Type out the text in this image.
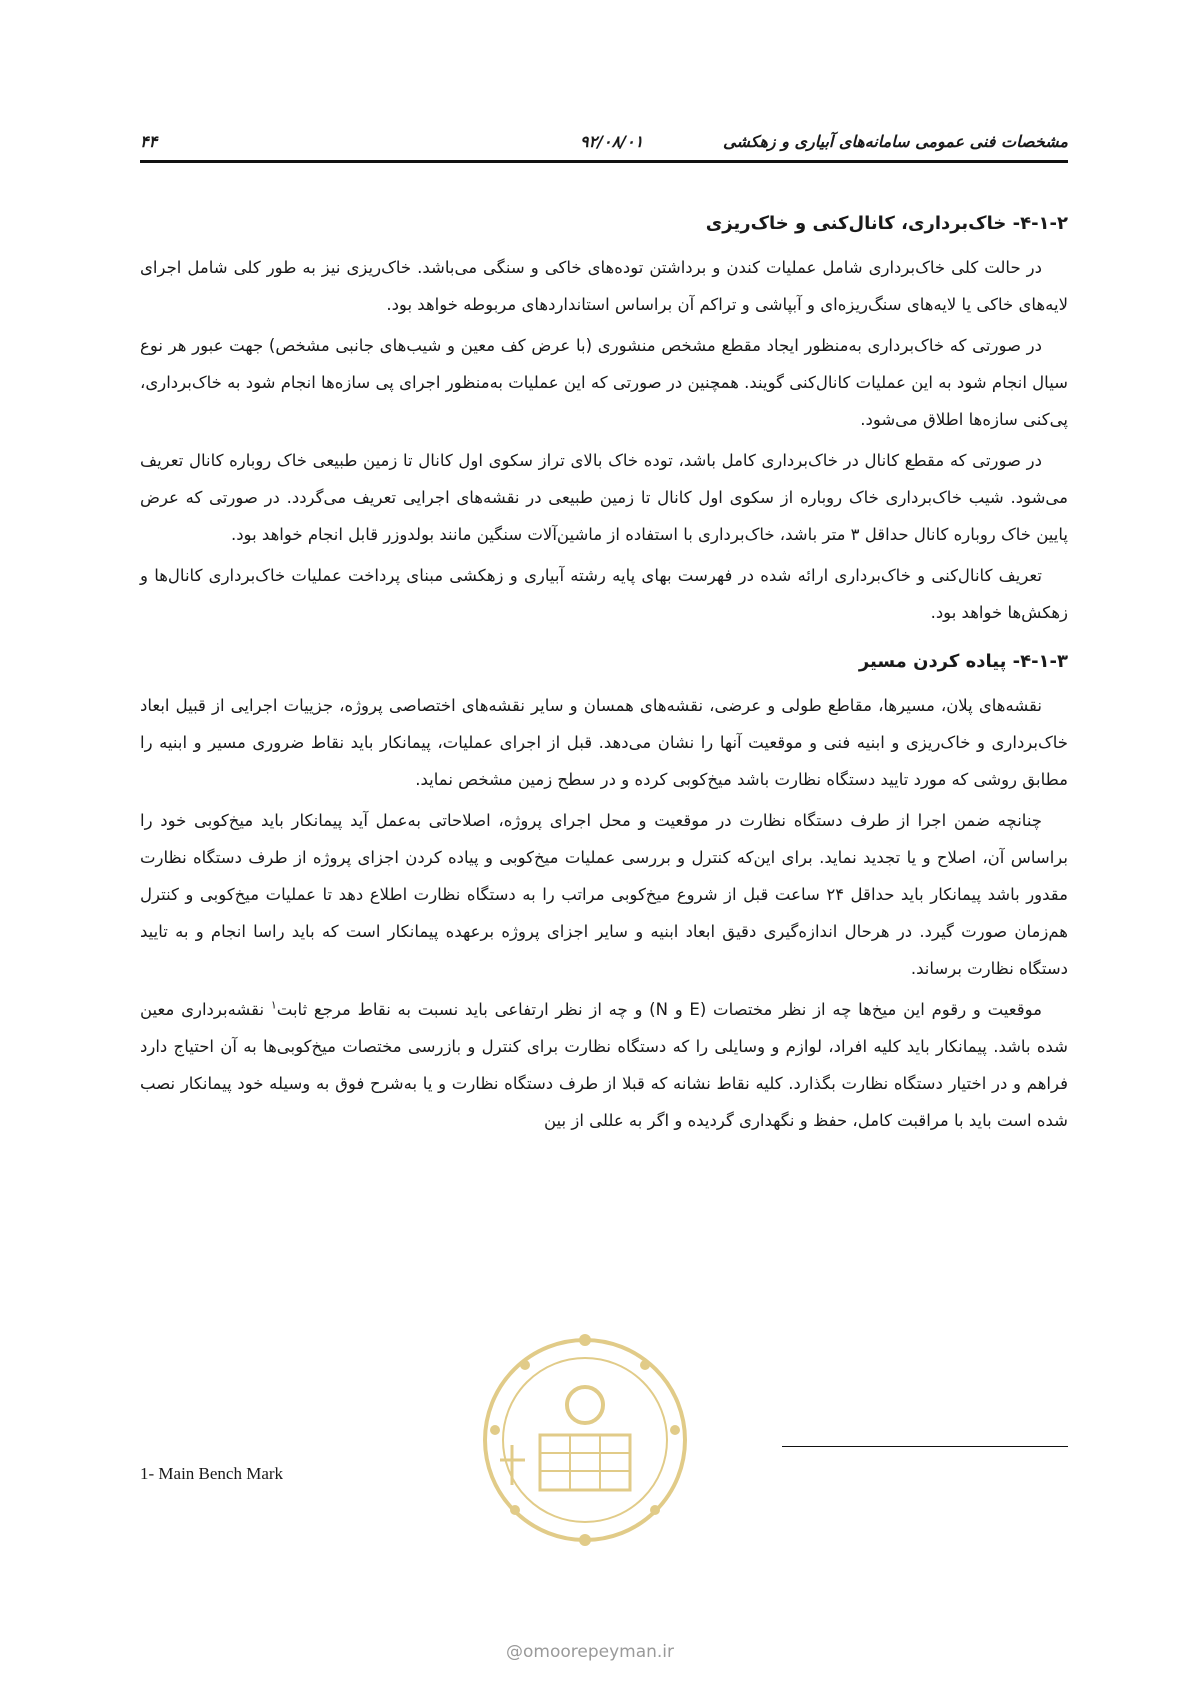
مشخصات فنی عمومی سامانه‌های آبیاری و زهکشی
۹۲/۰۸/۰۱
۴۴
۴-۱-۲- خاک‌برداری، کانال‌کنی و خاک‌ریزی

در حالت کلی خاک‌برداری شامل عملیات کندن و برداشتن توده‌های خاکی و سنگی می‌باشد. خاک‌ریزی نیز به طور کلی شامل اجرای لایه‌های خاکی یا لایه‌های سنگ‌ریزه‌ای و آبپاشی و تراکم آن براساس استانداردهای مربوطه خواهد بود.

در صورتی که خاک‌برداری به‌منظور ایجاد مقطع مشخص منشوری (با عرض کف معین و شیب‌های جانبی مشخص) جهت عبور هر نوع سیال انجام شود به این عملیات کانال‌کنی گویند. همچنین در صورتی که این عملیات به‌منظور اجرای پی سازه‌ها انجام شود به خاک‌برداری، پی‌کنی سازه‌ها اطلاق می‌شود.

در صورتی که مقطع کانال در خاک‌برداری کامل باشد، توده خاک بالای تراز سکوی اول کانال تا زمین طبیعی خاک روباره کانال تعریف می‌شود. شیب خاک‌برداری خاک روباره از سکوی اول کانال تا زمین طبیعی در نقشه‌های اجرایی تعریف می‌گردد. در صورتی که عرض پایین خاک روباره کانال حداقل ۳ متر باشد، خاک‌برداری با استفاده از ماشین‌آلات سنگین مانند بولدوزر قابل انجام خواهد بود.

تعریف کانال‌کنی و خاک‌برداری ارائه شده در فهرست بهای پایه رشته آبیاری و زهکشی مبنای پرداخت عملیات خاک‌برداری کانال‌ها و زهکش‌ها خواهد بود.

۴-۱-۳- پیاده کردن مسیر

نقشه‌های پلان، مسیرها، مقاطع طولی و عرضی، نقشه‌های همسان و سایر نقشه‌های اختصاصی پروژه، جزییات اجرایی از قبیل ابعاد خاک‌برداری و خاک‌ریزی و ابنیه فنی و موقعیت آنها را نشان می‌دهد. قبل از اجرای عملیات، پیمانکار باید نقاط ضروری مسیر و ابنیه را مطابق روشی که مورد تایید دستگاه نظارت باشد میخ‌کوبی کرده و در سطح زمین مشخص نماید.

چنانچه ضمن اجرا از طرف دستگاه نظارت در موقعیت و محل اجرای پروژه، اصلاحاتی به‌عمل آید پیمانکار باید میخ‌کوبی خود را براساس آن، اصلاح و یا تجدید نماید. برای این‌که کنترل و بررسی عملیات میخ‌کوبی و پیاده کردن اجزای پروژه از طرف دستگاه نظارت مقدور باشد پیمانکار باید حداقل ۲۴ ساعت قبل از شروع میخ‌کوبی مراتب را به دستگاه نظارت اطلاع دهد تا عملیات میخ‌کوبی و کنترل هم‌زمان صورت گیرد. در هرحال اندازه‌گیری دقیق ابعاد ابنیه و سایر اجزای پروژه برعهده پیمانکار است که باید راسا انجام و به تایید دستگاه نظارت برساند.

موقعیت و رقوم این میخ‌ها چه از نظر مختصات (E و N) و چه از نظر ارتفاعی باید نسبت به نقاط مرجع ثابت$^۱$ نقشه‌برداری معین شده باشد. پیمانکار باید کلیه افراد، لوازم و وسایلی را که دستگاه نظارت برای کنترل و بازرسی مختصات میخ‌کوبی‌ها به آن احتیاج دارد فراهم و در اختیار دستگاه نظارت بگذارد. کلیه نقاط نشانه که قبلا از طرف دستگاه نظارت و یا به‌شرح فوق به وسیله خود پیمانکار نصب شده است باید با مراقبت کامل، حفظ و نگهداری گردیده و اگر به عللی از بین

1- Main Bench Mark
@omoorepeyman.ir
